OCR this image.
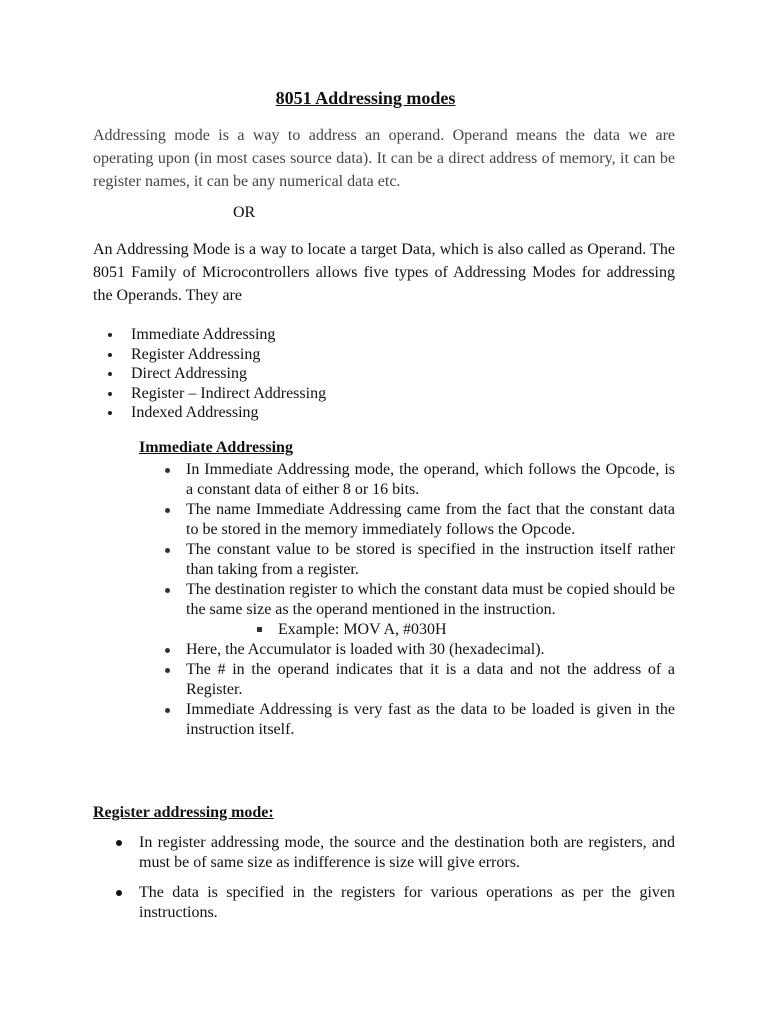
8051 Addressing modes

Addressing mode is a way to address an operand. Operand means the data we are operating upon (in most cases source data). It can be a direct address of memory, it can be register names, it can be any numerical data etc.

OR

An Addressing Mode is a way to locate a target Data, which is also called as Operand. The 8051 Family of Microcontrollers allows five types of Addressing Modes for addressing the Operands. They are

Immediate Addressing
Register Addressing
Direct Addressing
Register – Indirect Addressing
Indexed Addressing
Immediate Addressing
In Immediate Addressing mode, the operand, which follows the Opcode, is a constant data of either 8 or 16 bits.
The name Immediate Addressing came from the fact that the constant data to be stored in the memory immediately follows the Opcode.
The constant value to be stored is specified in the instruction itself rather than taking from a register.
The destination register to which the constant data must be copied should be the same size as the operand mentioned in the instruction.
Example: MOV A, #030H
Here, the Accumulator is loaded with 30 (hexadecimal).
The # in the operand indicates that it is a data and not the address of a Register.
Immediate Addressing is very fast as the data to be loaded is given in the instruction itself.
Register addressing mode:
In register addressing mode, the source and the destination both are registers, and must be of same size as indifference is size will give errors.
The data is specified in the registers for various operations as per the given instructions.
